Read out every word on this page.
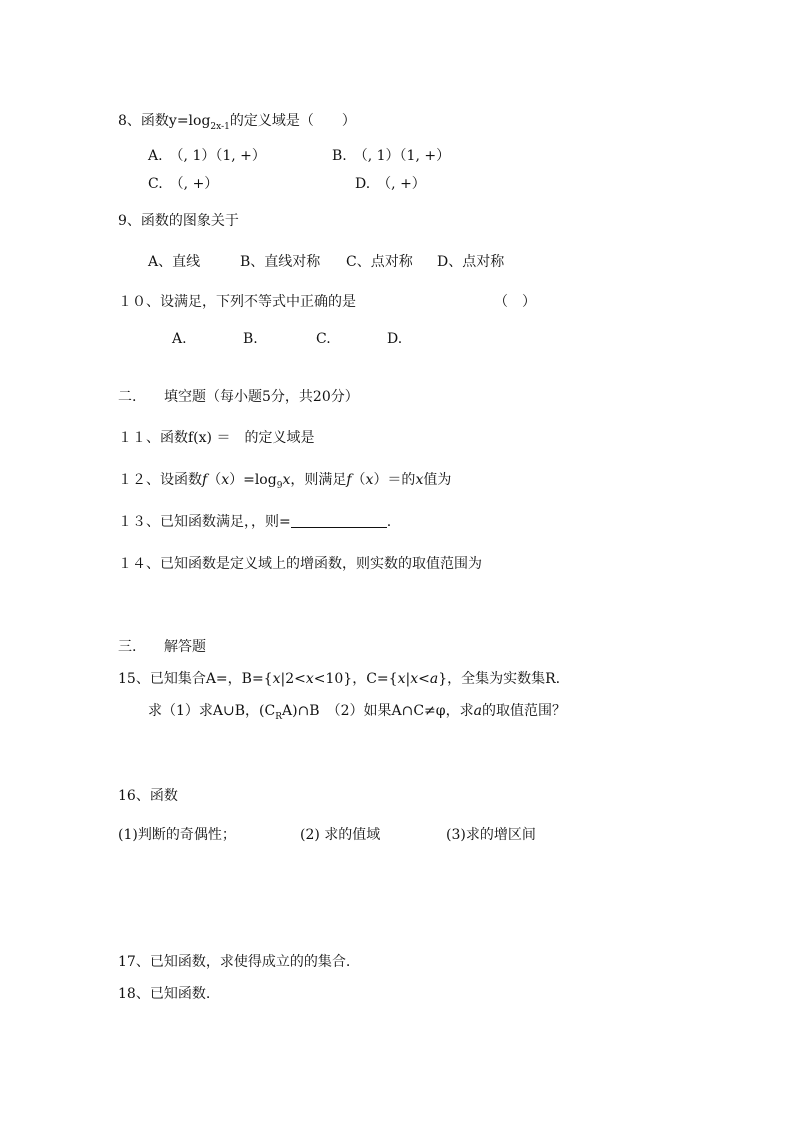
8、函数$y=\log_{2x-1}$的定义域是（　　）
A.　（, 1）（1, +）	B.　（, 1）（1, +）
C.　（, +）	D.　（, +）
9、函数的图象关于
A、直线	B、直线对称 C、点对称 D、点对称
１０、设满足，下列不等式中正确的是	（　）
A.	B.	C.	D.
二. 填空题（每小题5分，共20分）
１１、函数f(x) ＝　的定义域是
１２、设函数$f(x)=\log_9x$，则满足f（x）＝的x值为
１３、已知函数满足，，则=	.
１４、已知函数是定义域上的增函数，则实数的取值范围为
三. 解答题
15、已知集合A=，B={x|2<x<10}，C={x|x<a}，全集为实数集R.
求（1）求A∪B，$(C_RA)\cap B$　（2）如果A∩C≠φ，求a的取值范围？
16、函数
(1)判断的奇偶性；	(2) 求的值域	(3)求的增区间
17、已知函数，求使得成立的的集合.
18、已知函数.
